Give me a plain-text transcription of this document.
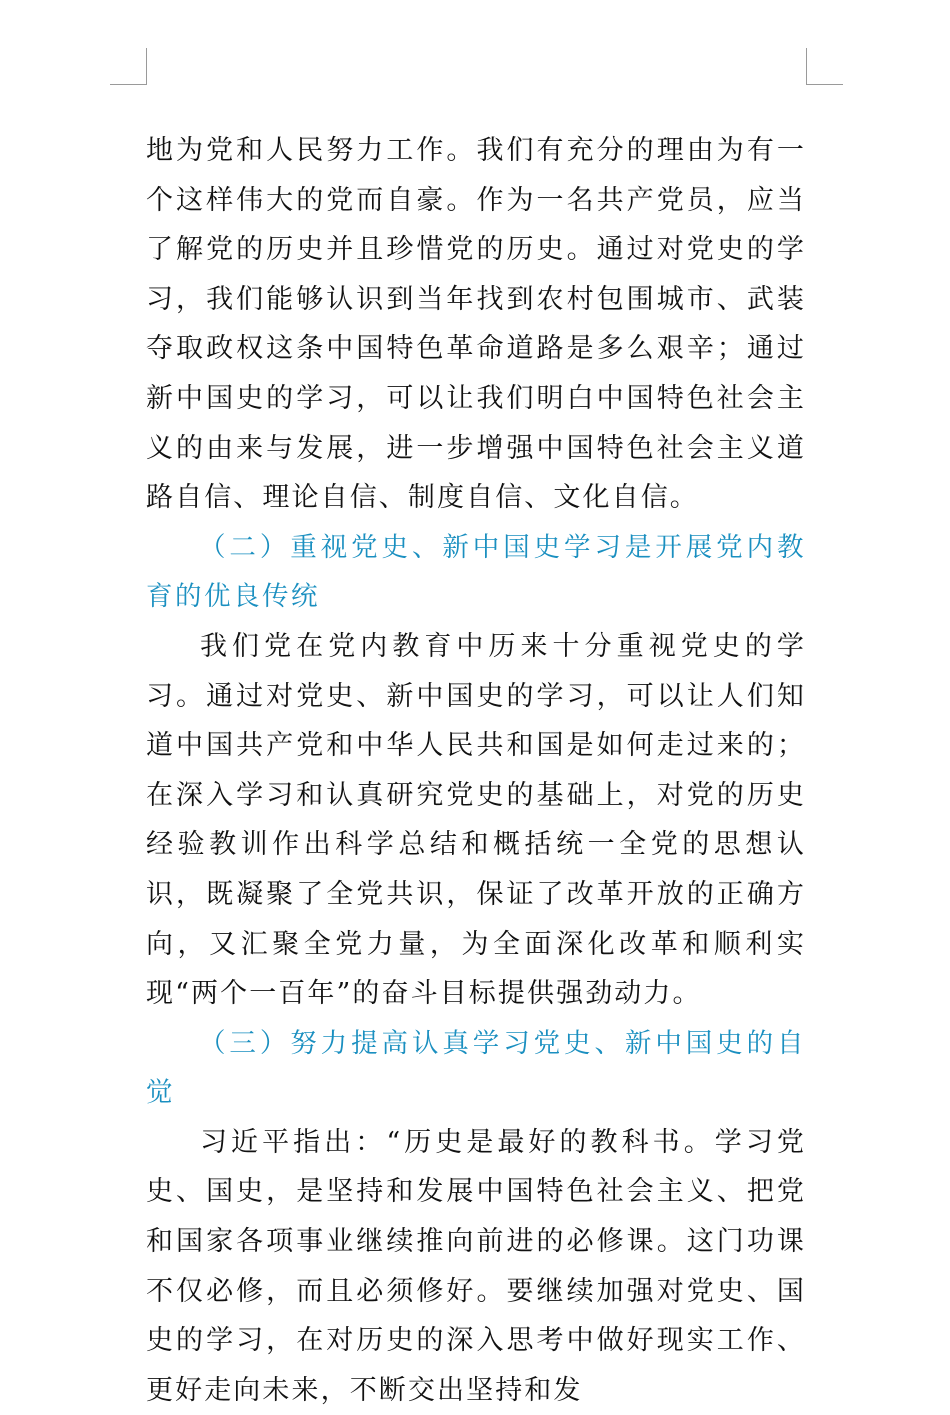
地为党和人民努力工作。我们有充分的理由为有一个这样伟大的党而自豪。作为一名共产党员，应当了解党的历史并且珍惜党的历史。通过对党史的学习，我们能够认识到当年找到农村包围城市、武装夺取政权这条中国特色革命道路是多么艰辛；通过新中国史的学习，可以让我们明白中国特色社会主义的由来与发展，进一步增强中国特色社会主义道路自信、理论自信、制度自信、文化自信。

（二）重视党史、新中国史学习是开展党内教育的优良传统

我们党在党内教育中历来十分重视党史的学习。通过对党史、新中国史的学习，可以让人们知道中国共产党和中华人民共和国是如何走过来的；在深入学习和认真研究党史的基础上，对党的历史经验教训作出科学总结和概括统一全党的思想认识，既凝聚了全党共识，保证了改革开放的正确方向，又汇聚全党力量，为全面深化改革和顺利实现“两个一百年”的奋斗目标提供强劲动力。

（三）努力提高认真学习党史、新中国史的自觉

习近平指出：“历史是最好的教科书。学习党史、国史，是坚持和发展中国特色社会主义、把党和国家各项事业继续推向前进的必修课。这门功课不仅必修，而且必须修好。要继续加强对党史、国史的学习，在对历史的深入思考中做好现实工作、更好走向未来，不断交出坚持和发
